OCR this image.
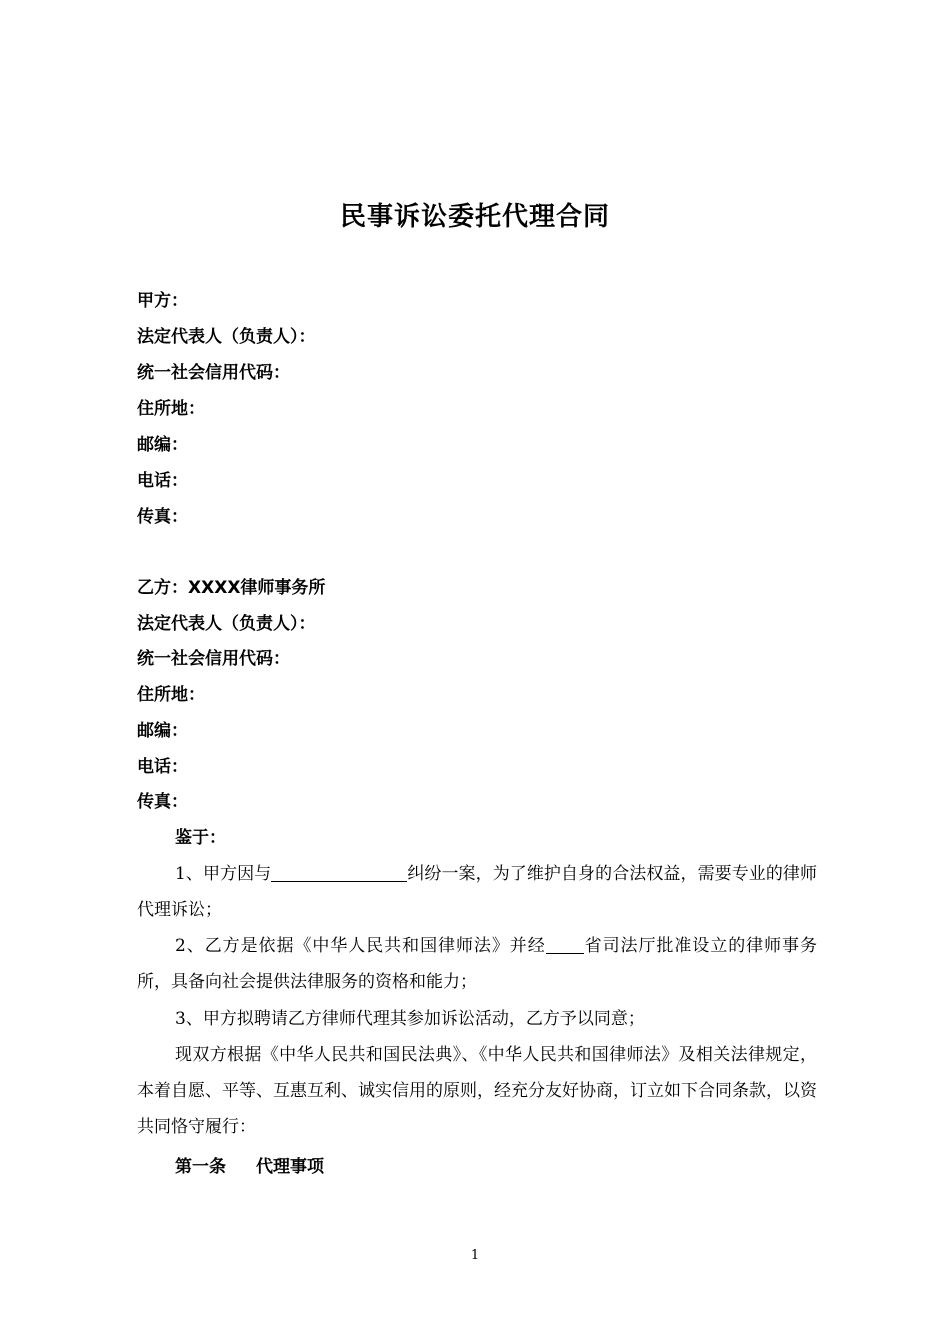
民事诉讼委托代理合同
甲方：
法定代表人（负责人）：
统一社会信用代码：
住所地：
邮编：
电话：
传真：
乙方：XXXX律师事务所
法定代表人（负责人）：
统一社会信用代码：
住所地：
邮编：
电话：
传真：
鉴于：
1、甲方因与	纠纷一案，为了维护自身的合法权益，需要专业的律师代理诉讼；
2、乙方是依据《中华人民共和国律师法》并经 省司法厅批准设立的律师事务所，具备向社会提供法律服务的资格和能力；
3、甲方拟聘请乙方律师代理其参加诉讼活动，乙方予以同意；
现双方根据《中华人民共和国民法典》、《中华人民共和国律师法》及相关法律规定，本着自愿、平等、互惠互利、诚实信用的原则，经充分友好协商，订立如下合同条款，以资共同恪守履行：
第一条 代理事项
1
